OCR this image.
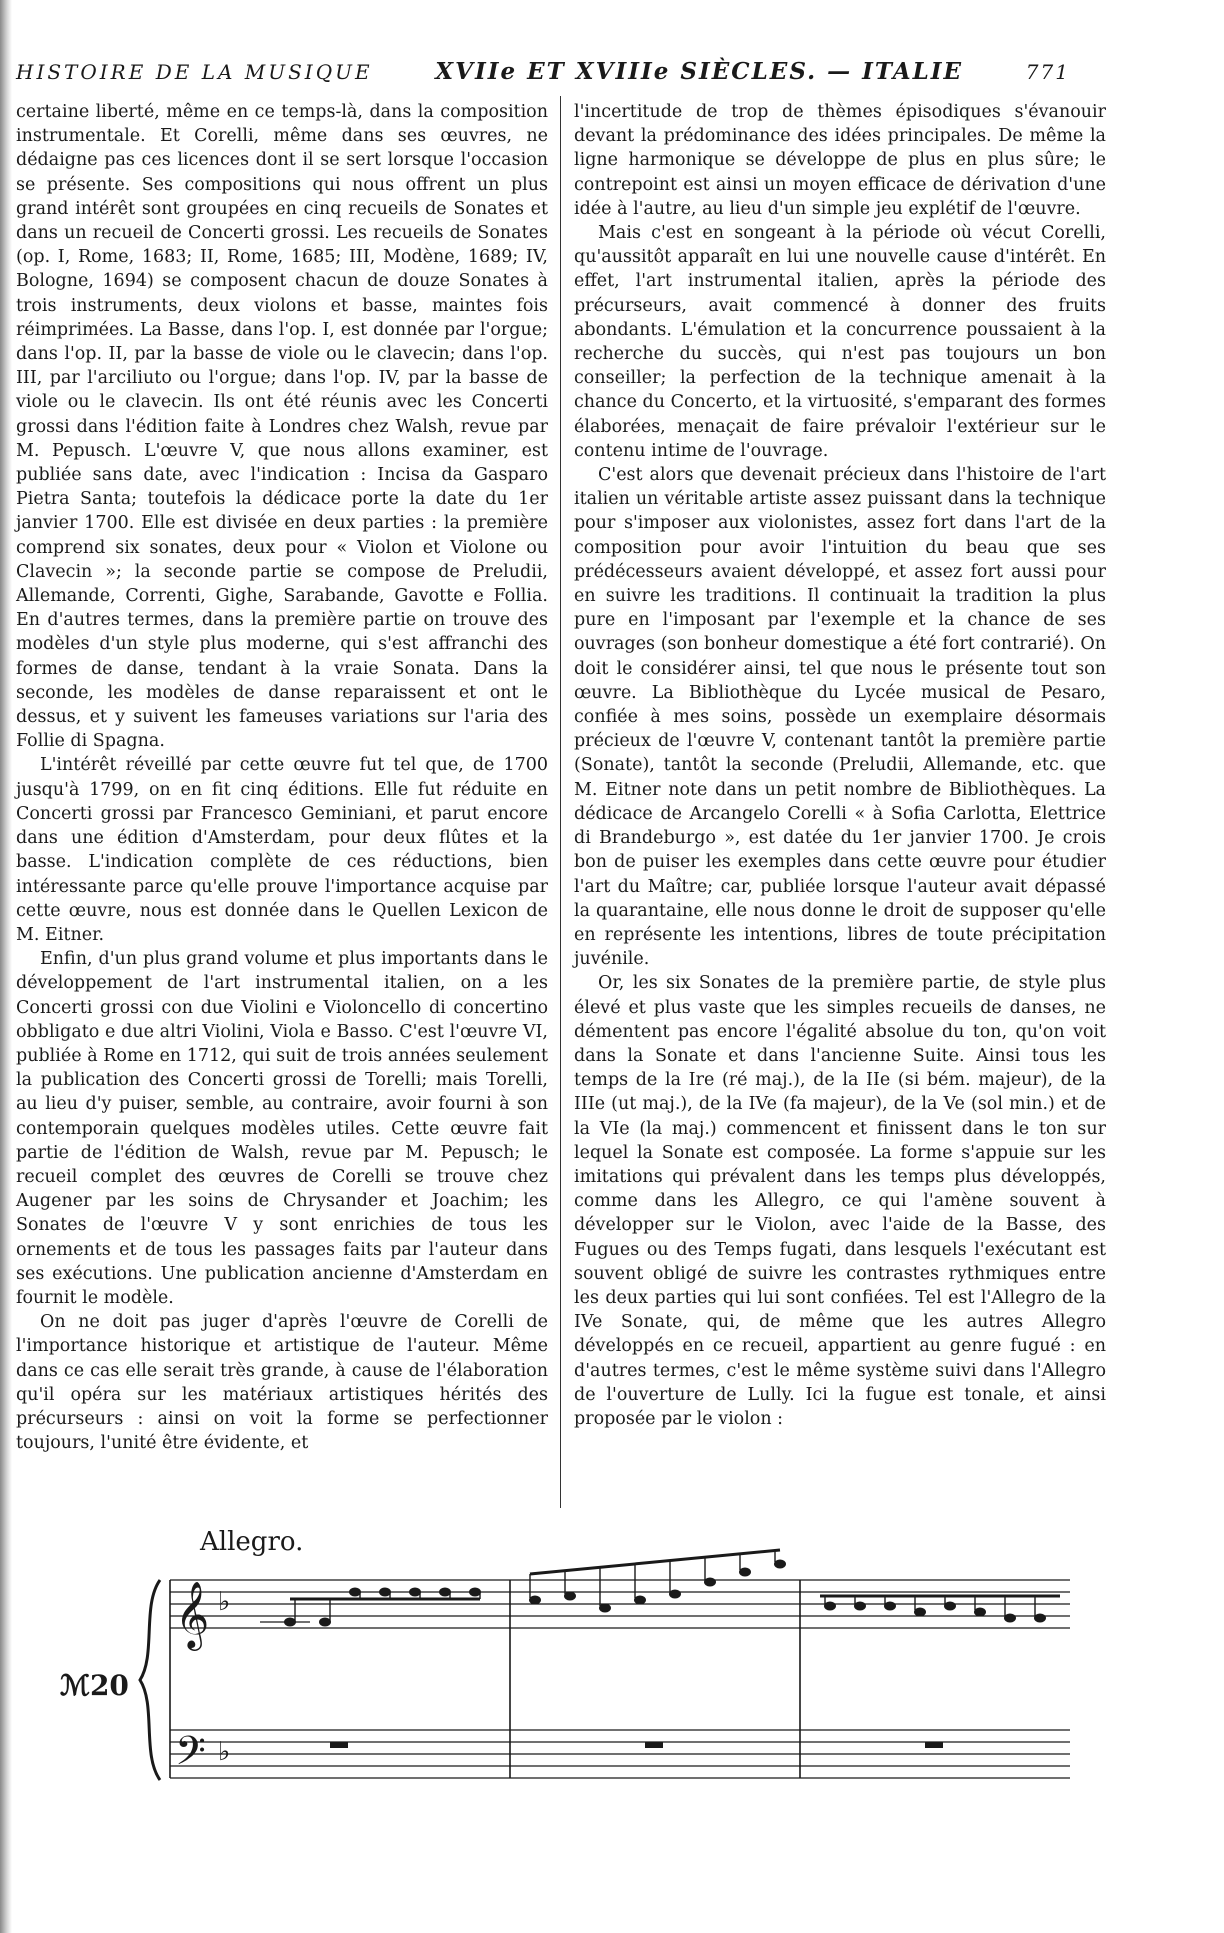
HISTOIRE DE LA MUSIQUE	XVIIe ET XVIIIe SIÈCLES. — ITALIE	771

certaine liberté, même en ce temps-là, dans la composition instrumentale. Et Corelli, même dans ses œuvres, ne dédaigne pas ces licences dont il se sert lorsque l'occasion se présente. Ses compositions qui nous offrent un plus grand intérêt sont groupées en cinq recueils de Sonates et dans un recueil de Concerti grossi. Les recueils de Sonates (op. I, Rome, 1683; II, Rome, 1685; III, Modène, 1689; IV, Bologne, 1694) se composent chacun de douze Sonates à trois instruments, deux violons et basse, maintes fois réimprimées. La Basse, dans l'op. I, est donnée par l'orgue; dans l'op. II, par la basse de viole ou le clavecin; dans l'op. III, par l'arciliuto ou l'orgue; dans l'op. IV, par la basse de viole ou le clavecin. Ils ont été réunis avec les Concerti grossi dans l'édition faite à Londres chez Walsh, revue par M. Pepusch. L'œuvre V, que nous allons examiner, est publiée sans date, avec l'indication : Incisa da Gasparo Pietra Santa; toutefois la dédicace porte la date du 1er janvier 1700. Elle est divisée en deux parties : la première comprend six sonates, deux pour « Violon et Violone ou Clavecin »; la seconde partie se compose de Preludii, Allemande, Correnti, Gighe, Sarabande, Gavotte e Follia. En d'autres termes, dans la première partie on trouve des modèles d'un style plus moderne, qui s'est affranchi des formes de danse, tendant à la vraie Sonata. Dans la seconde, les modèles de danse reparaissent et ont le dessus, et y suivent les fameuses variations sur l'aria des Follie di Spagna.

L'intérêt réveillé par cette œuvre fut tel que, de 1700 jusqu'à 1799, on en fit cinq éditions. Elle fut réduite en Concerti grossi par Francesco Geminiani, et parut encore dans une édition d'Amsterdam, pour deux flûtes et la basse. L'indication complète de ces réductions, bien intéressante parce qu'elle prouve l'importance acquise par cette œuvre, nous est donnée dans le Quellen Lexicon de M. Eitner.

Enfin, d'un plus grand volume et plus importants dans le développement de l'art instrumental italien, on a les Concerti grossi con due Violini e Violoncello di concertino obbligato e due altri Violini, Viola e Basso. C'est l'œuvre VI, publiée à Rome en 1712, qui suit de trois années seulement la publication des Concerti grossi de Torelli; mais Torelli, au lieu d'y puiser, semble, au contraire, avoir fourni à son contemporain quelques modèles utiles. Cette œuvre fait partie de l'édition de Walsh, revue par M. Pepusch; le recueil complet des œuvres de Corelli se trouve chez Augener par les soins de Chrysander et Joachim; les Sonates de l'œuvre V y sont enrichies de tous les ornements et de tous les passages faits par l'auteur dans ses exécutions. Une publication ancienne d'Amsterdam en fournit le modèle.

On ne doit pas juger d'après l'œuvre de Corelli de l'importance historique et artistique de l'auteur. Même dans ce cas elle serait très grande, à cause de l'élaboration qu'il opéra sur les matériaux artistiques hérités des précurseurs : ainsi on voit la forme se perfectionner toujours, l'unité être évidente, et

l'incertitude de trop de thèmes épisodiques s'évanouir devant la prédominance des idées principales. De même la ligne harmonique se développe de plus en plus sûre; le contrepoint est ainsi un moyen efficace de dérivation d'une idée à l'autre, au lieu d'un simple jeu explétif de l'œuvre.

Mais c'est en songeant à la période où vécut Corelli, qu'aussitôt apparaît en lui une nouvelle cause d'intérêt. En effet, l'art instrumental italien, après la période des précurseurs, avait commencé à donner des fruits abondants. L'émulation et la concurrence poussaient à la recherche du succès, qui n'est pas toujours un bon conseiller; la perfection de la technique amenait à la chance du Concerto, et la virtuosité, s'emparant des formes élaborées, menaçait de faire prévaloir l'extérieur sur le contenu intime de l'ouvrage.

C'est alors que devenait précieux dans l'histoire de l'art italien un véritable artiste assez puissant dans la technique pour s'imposer aux violonistes, assez fort dans l'art de la composition pour avoir l'intuition du beau que ses prédécesseurs avaient développé, et assez fort aussi pour en suivre les traditions. Il continuait la tradition la plus pure en l'imposant par l'exemple et la chance de ses ouvrages (son bonheur domestique a été fort contrarié). On doit le considérer ainsi, tel que nous le présente tout son œuvre. La Bibliothèque du Lycée musical de Pesaro, confiée à mes soins, possède un exemplaire désormais précieux de l'œuvre V, contenant tantôt la première partie (Sonate), tantôt la seconde (Preludii, Allemande, etc. que M. Eitner note dans un petit nombre de Bibliothèques. La dédicace de Arcangelo Corelli « à Sofia Carlotta, Elettrice di Brandeburgo », est datée du 1er janvier 1700. Je crois bon de puiser les exemples dans cette œuvre pour étudier l'art du Maître; car, publiée lorsque l'auteur avait dépassé la quarantaine, elle nous donne le droit de supposer qu'elle en représente les intentions, libres de toute précipitation juvénile.

Or, les six Sonates de la première partie, de style plus élevé et plus vaste que les simples recueils de danses, ne démentent pas encore l'égalité absolue du ton, qu'on voit dans la Sonate et dans l'ancienne Suite. Ainsi tous les temps de la Ire (ré maj.), de la IIe (si bém. majeur), de la IIIe (ut maj.), de la IVe (fa majeur), de la Ve (sol min.) et de la VIe (la maj.) commencent et finissent dans le ton sur lequel la Sonate est composée. La forme s'appuie sur les imitations qui prévalent dans les temps plus développés, comme dans les Allegro, ce qui l'amène souvent à développer sur le Violon, avec l'aide de la Basse, des Fugues ou des Temps fugati, dans lesquels l'exécutant est souvent obligé de suivre les contrastes rythmiques entre les deux parties qui lui sont confiées. Tel est l'Allegro de la IVe Sonate, qui, de même que les autres Allegro développés en ce recueil, appartient au genre fugué : en d'autres termes, c'est le même système suivi dans l'Allegro de l'ouverture de Lully. Ici la fugue est tonale, et ainsi proposée par le violon :

Allegro.
ℳ20
𝄞 ♭
𝄢 ♭
